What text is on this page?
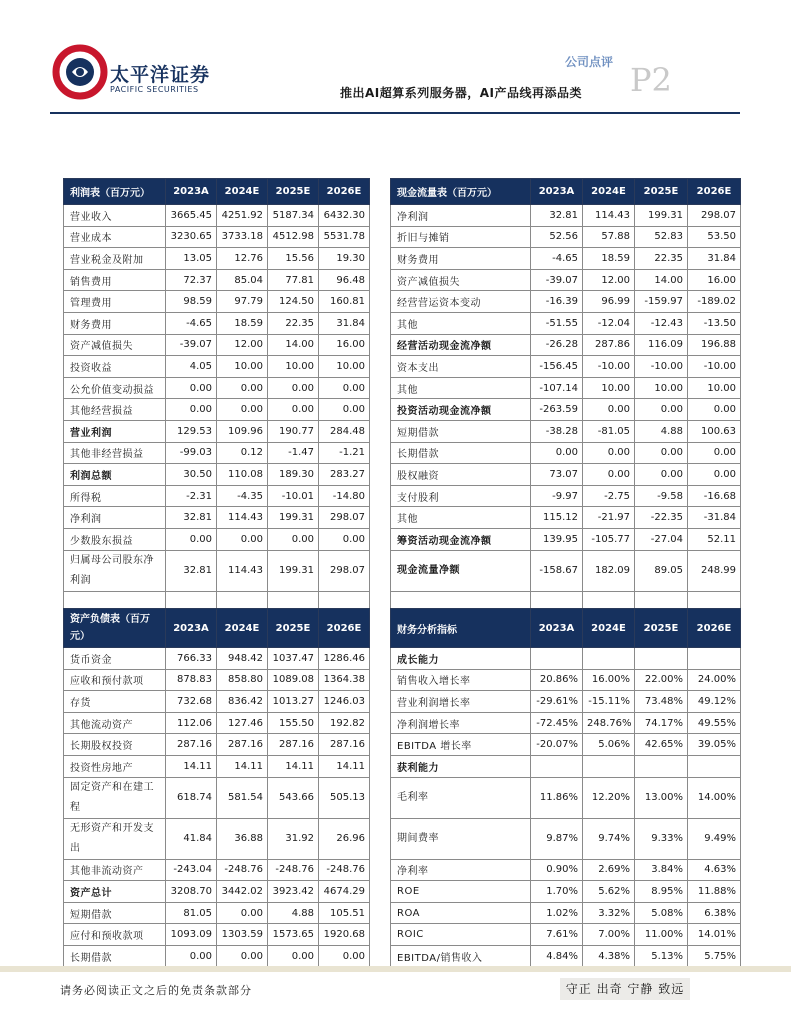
太平洋证券
PACIFIC SECURITIES
公司点评 P2
推出AI超算系列服务器，AI产品线再添品类
利润表（百万元）	2023A	2024E	2025E	2026E
营业收入	3665.45	4251.92	5187.34	6432.30
营业成本	3230.65	3733.18	4512.98	5531.78
营业税金及附加	13.05	12.76	15.56	19.30
销售费用	72.37	85.04	77.81	96.48
管理费用	98.59	97.79	124.50	160.81
财务费用	-4.65	18.59	22.35	31.84
资产减值损失	-39.07	12.00	14.00	16.00
投资收益	4.05	10.00	10.00	10.00
公允价值变动损益	0.00	0.00	0.00	0.00
其他经营损益	0.00	0.00	0.00	0.00
营业利润	129.53	109.96	190.77	284.48
其他非经营损益	-99.03	0.12	-1.47	-1.21
利润总额	30.50	110.08	189.30	283.27
所得税	-2.31	-4.35	-10.01	-14.80
净利润	32.81	114.43	199.31	298.07
少数股东损益	0.00	0.00	0.00	0.00
归属母公司股东净利润	32.81	114.43	199.31	298.07

现金流量表（百万元）	2023A	2024E	2025E	2026E
净利润	32.81	114.43	199.31	298.07
折旧与摊销	52.56	57.88	52.83	53.50
财务费用	-4.65	18.59	22.35	31.84
资产减值损失	-39.07	12.00	14.00	16.00
经营营运资本变动	-16.39	96.99	-159.97	-189.02
其他	-51.55	-12.04	-12.43	-13.50
经营活动现金流净额	-26.28	287.86	116.09	196.88
资本支出	-156.45	-10.00	-10.00	-10.00
其他	-107.14	10.00	10.00	10.00
投资活动现金流净额	-263.59	0.00	0.00	0.00
短期借款	-38.28	-81.05	4.88	100.63
长期借款	0.00	0.00	0.00	0.00
股权融资	73.07	0.00	0.00	0.00
支付股利	-9.97	-2.75	-9.58	-16.68
其他	115.12	-21.97	-22.35	-31.84
筹资活动现金流净额	139.95	-105.77	-27.04	52.11
现金流量净额	-158.67	182.09	89.05	248.99

资产负债表（百万元）	2023A	2024E	2025E	2026E
货币资金	766.33	948.42	1037.47	1286.46
应收和预付款项	878.83	858.80	1089.08	1364.38
存货	732.68	836.42	1013.27	1246.03
其他流动资产	112.06	127.46	155.50	192.82
长期股权投资	287.16	287.16	287.16	287.16
投资性房地产	14.11	14.11	14.11	14.11
固定资产和在建工程	618.74	581.54	543.66	505.13
无形资产和开发支出	41.84	36.88	31.92	26.96
其他非流动资产	-243.04	-248.76	-248.76	-248.76
资产总计	3208.70	3442.02	3923.42	4674.29
短期借款	81.05	0.00	4.88	105.51
应付和预收款项	1093.09	1303.59	1573.65	1920.68
长期借款	0.00	0.00	0.00	0.00
财务分析指标	2023A	2024E	2025E	2026E
成长能力				
销售收入增长率	20.86%	16.00%	22.00%	24.00%
营业利润增长率	-29.61%	-15.11%	73.48%	49.12%
净利润增长率	-72.45%	248.76%	74.17%	49.55%
EBITDA 增长率	-20.07%	5.06%	42.65%	39.05%
获利能力				
毛利率	11.86%	12.20%	13.00%	14.00%
期间费率	9.87%	9.74%	9.33%	9.49%
净利率	0.90%	2.69%	3.84%	4.63%
ROE	1.70%	5.62%	8.95%	11.88%
ROA	1.02%	3.32%	5.08%	6.38%
ROIC	7.61%	7.00%	11.00%	14.01%
EBITDA/销售收入	4.84%	4.38%	5.13%	5.75%
请务必阅读正文之后的免责条款部分	守正 出奇 宁静 致远
